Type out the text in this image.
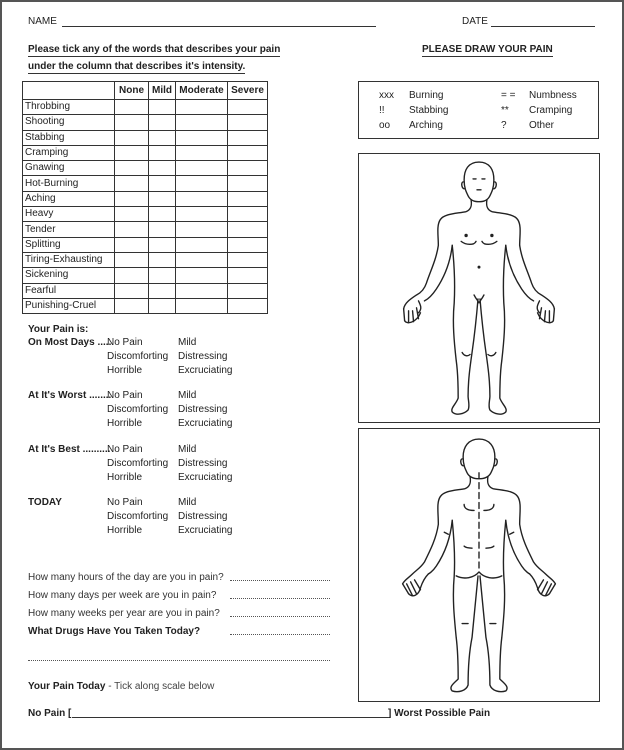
NAME	DATE
Please tick any of the words that describes your pain
under the column that describes it's intensity.
PLEASE DRAW YOUR PAIN
	None	Mild	Moderate	Severe
Throbbing				
Shooting				
Stabbing				
Cramping				
Gnawing				
Hot-Burning				
Aching				
Heavy				
Tender				
Splitting				
Tiring-Exhausting				
Sickening				
Fearful				
Punishing-Cruel				
xxx Burning	= = Numbness
!! Stabbing	** Cramping
oo Arching	? Other
Your Pain is:
On Most Days .....
No Pain	Mild
Discomforting Distressing
Horrible	Excruciating
At It's Worst ........
No Pain	Mild
Discomforting Distressing
Horrible	Excruciating
At It's Best ..........
No Pain	Mild
Discomforting Distressing
Horrible	Excruciating
TODAY	No Pain	Mild
Discomforting Distressing
Horrible	Excruciating
How many hours of the day are you in pain?
How many days per week are you in pain?
How many weeks per year are you in pain?
What Drugs Have You Taken Today?
Your Pain Today - Tick along scale below
No Pain [	] Worst Possible Pain
